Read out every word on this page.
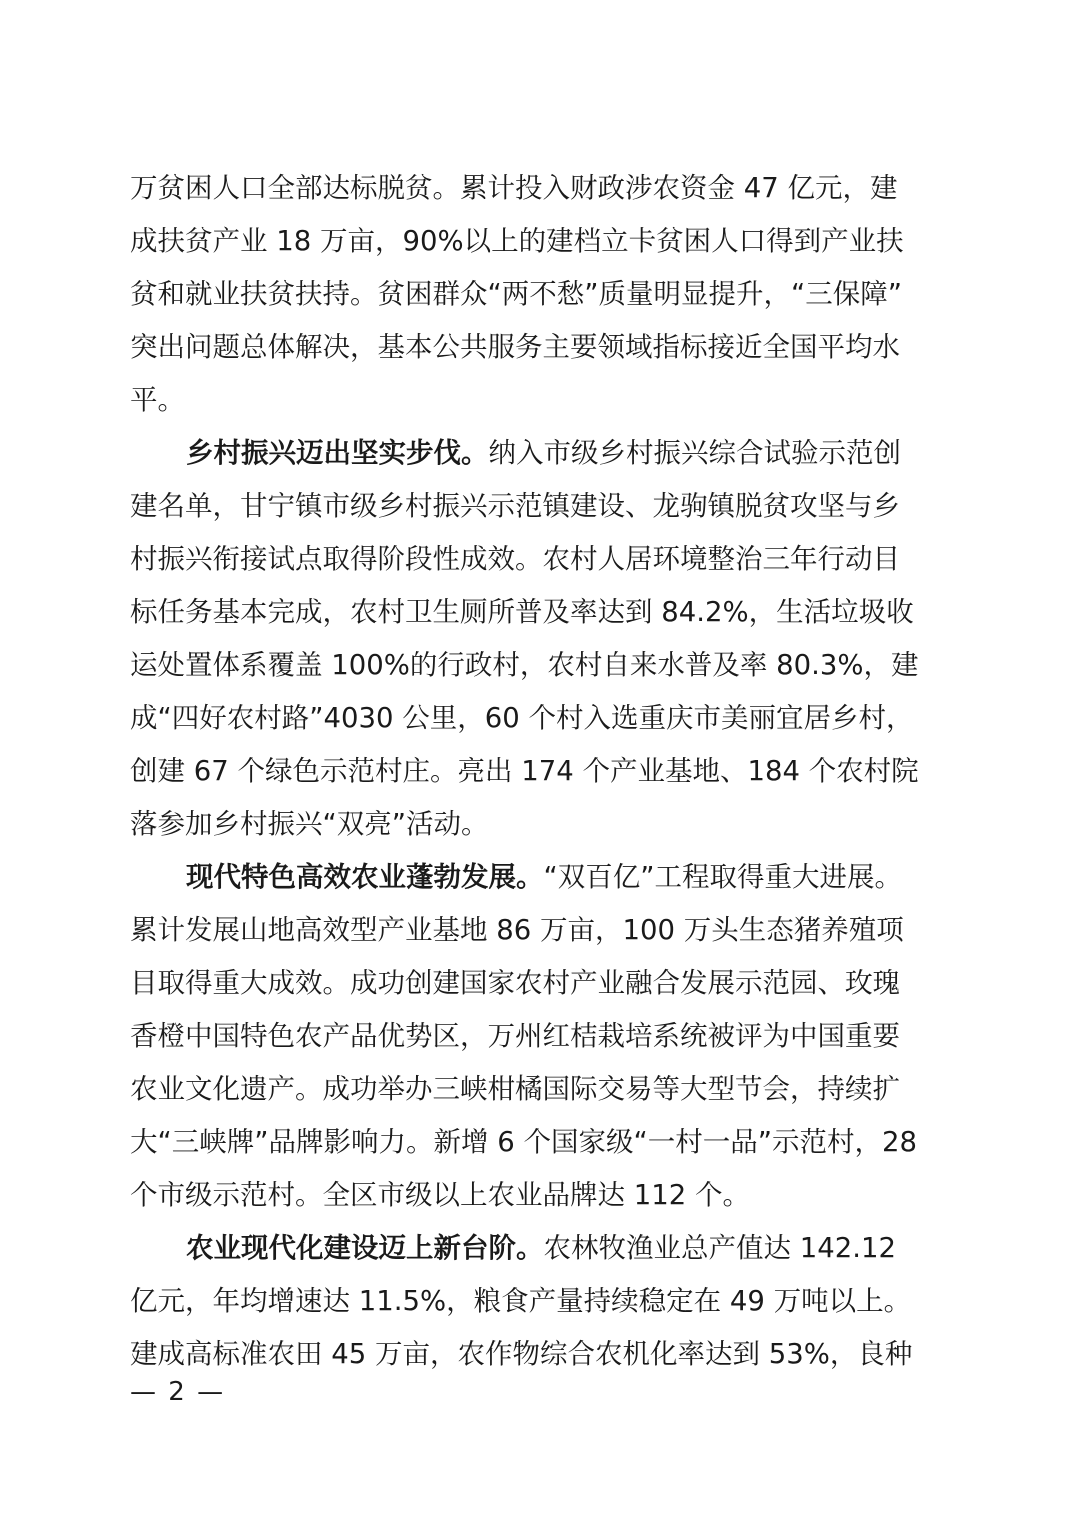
万贫困人口全部达标脱贫。累计投入财政涉农资金 47 亿元，建
成扶贫产业 18 万亩，90%以上的建档立卡贫困人口得到产业扶
贫和就业扶贫扶持。贫困群众“两不愁”质量明显提升，“三保障”
突出问题总体解决，基本公共服务主要领域指标接近全国平均水
平。
乡村振兴迈出坚实步伐。纳入市级乡村振兴综合试验示范创
建名单，甘宁镇市级乡村振兴示范镇建设、龙驹镇脱贫攻坚与乡
村振兴衔接试点取得阶段性成效。农村人居环境整治三年行动目
标任务基本完成，农村卫生厕所普及率达到 84.2%，生活垃圾收
运处置体系覆盖 100%的行政村，农村自来水普及率 80.3%，建
成“四好农村路”4030 公里，60 个村入选重庆市美丽宜居乡村，
创建 67 个绿色示范村庄。亮出 174 个产业基地、184 个农村院
落参加乡村振兴“双亮”活动。
现代特色高效农业蓬勃发展。“双百亿”工程取得重大进展。
累计发展山地高效型产业基地 86 万亩，100 万头生态猪养殖项
目取得重大成效。成功创建国家农村产业融合发展示范园、玫瑰
香橙中国特色农产品优势区，万州红桔栽培系统被评为中国重要
农业文化遗产。成功举办三峡柑橘国际交易等大型节会，持续扩
大“三峡牌”品牌影响力。新增 6 个国家级“一村一品”示范村，28
个市级示范村。全区市级以上农业品牌达 112 个。
农业现代化建设迈上新台阶。农林牧渔业总产值达 142.12
亿元，年均增速达 11.5%，粮食产量持续稳定在 49 万吨以上。
建成高标准农田 45 万亩，农作物综合农机化率达到 53%，良种
— 2 —
